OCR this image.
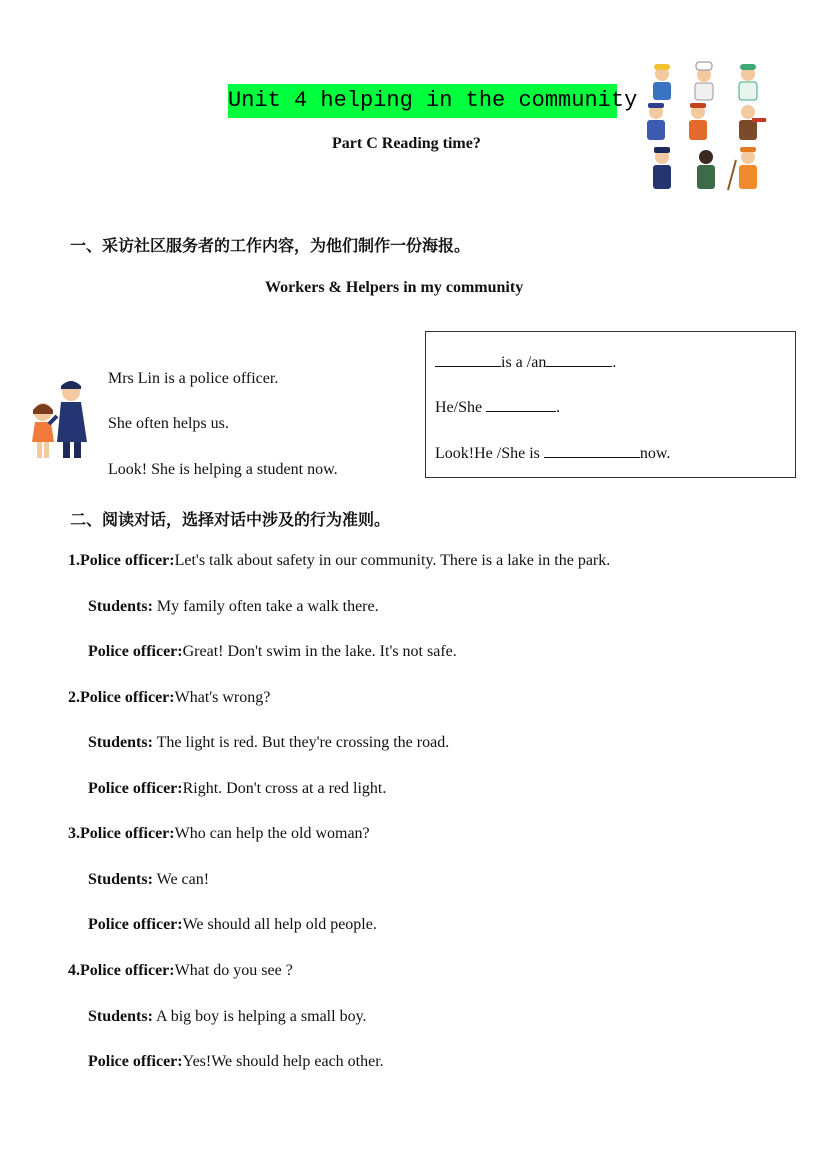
Unit 4 helping in the community
Part C Reading time?
一、采访社区服务者的工作内容，为他们制作一份海报。
Workers & Helpers in my community
Mrs Lin is a police officer.
She often helps us.
Look! She is helping a student now.
is a /an	.
He/She	.
Look!He /She is	now.
二、阅读对话，选择对话中涉及的行为准则。
1.Police officer:Let's talk about safety in our community. There is a lake in the park.
Students: My family often take a walk there.
Police officer:Great! Don't swim in the lake. It's not safe.
2.Police officer:What's wrong?
Students: The light is red. But they're crossing the road.
Police officer:Right. Don't cross at a red light.
3.Police officer:Who can help the old woman?
Students: We can!
Police officer:We should all help old people.
4.Police officer:What do you see ?
Students: A big boy is helping a small boy.
Police officer:Yes!We should help each other.
